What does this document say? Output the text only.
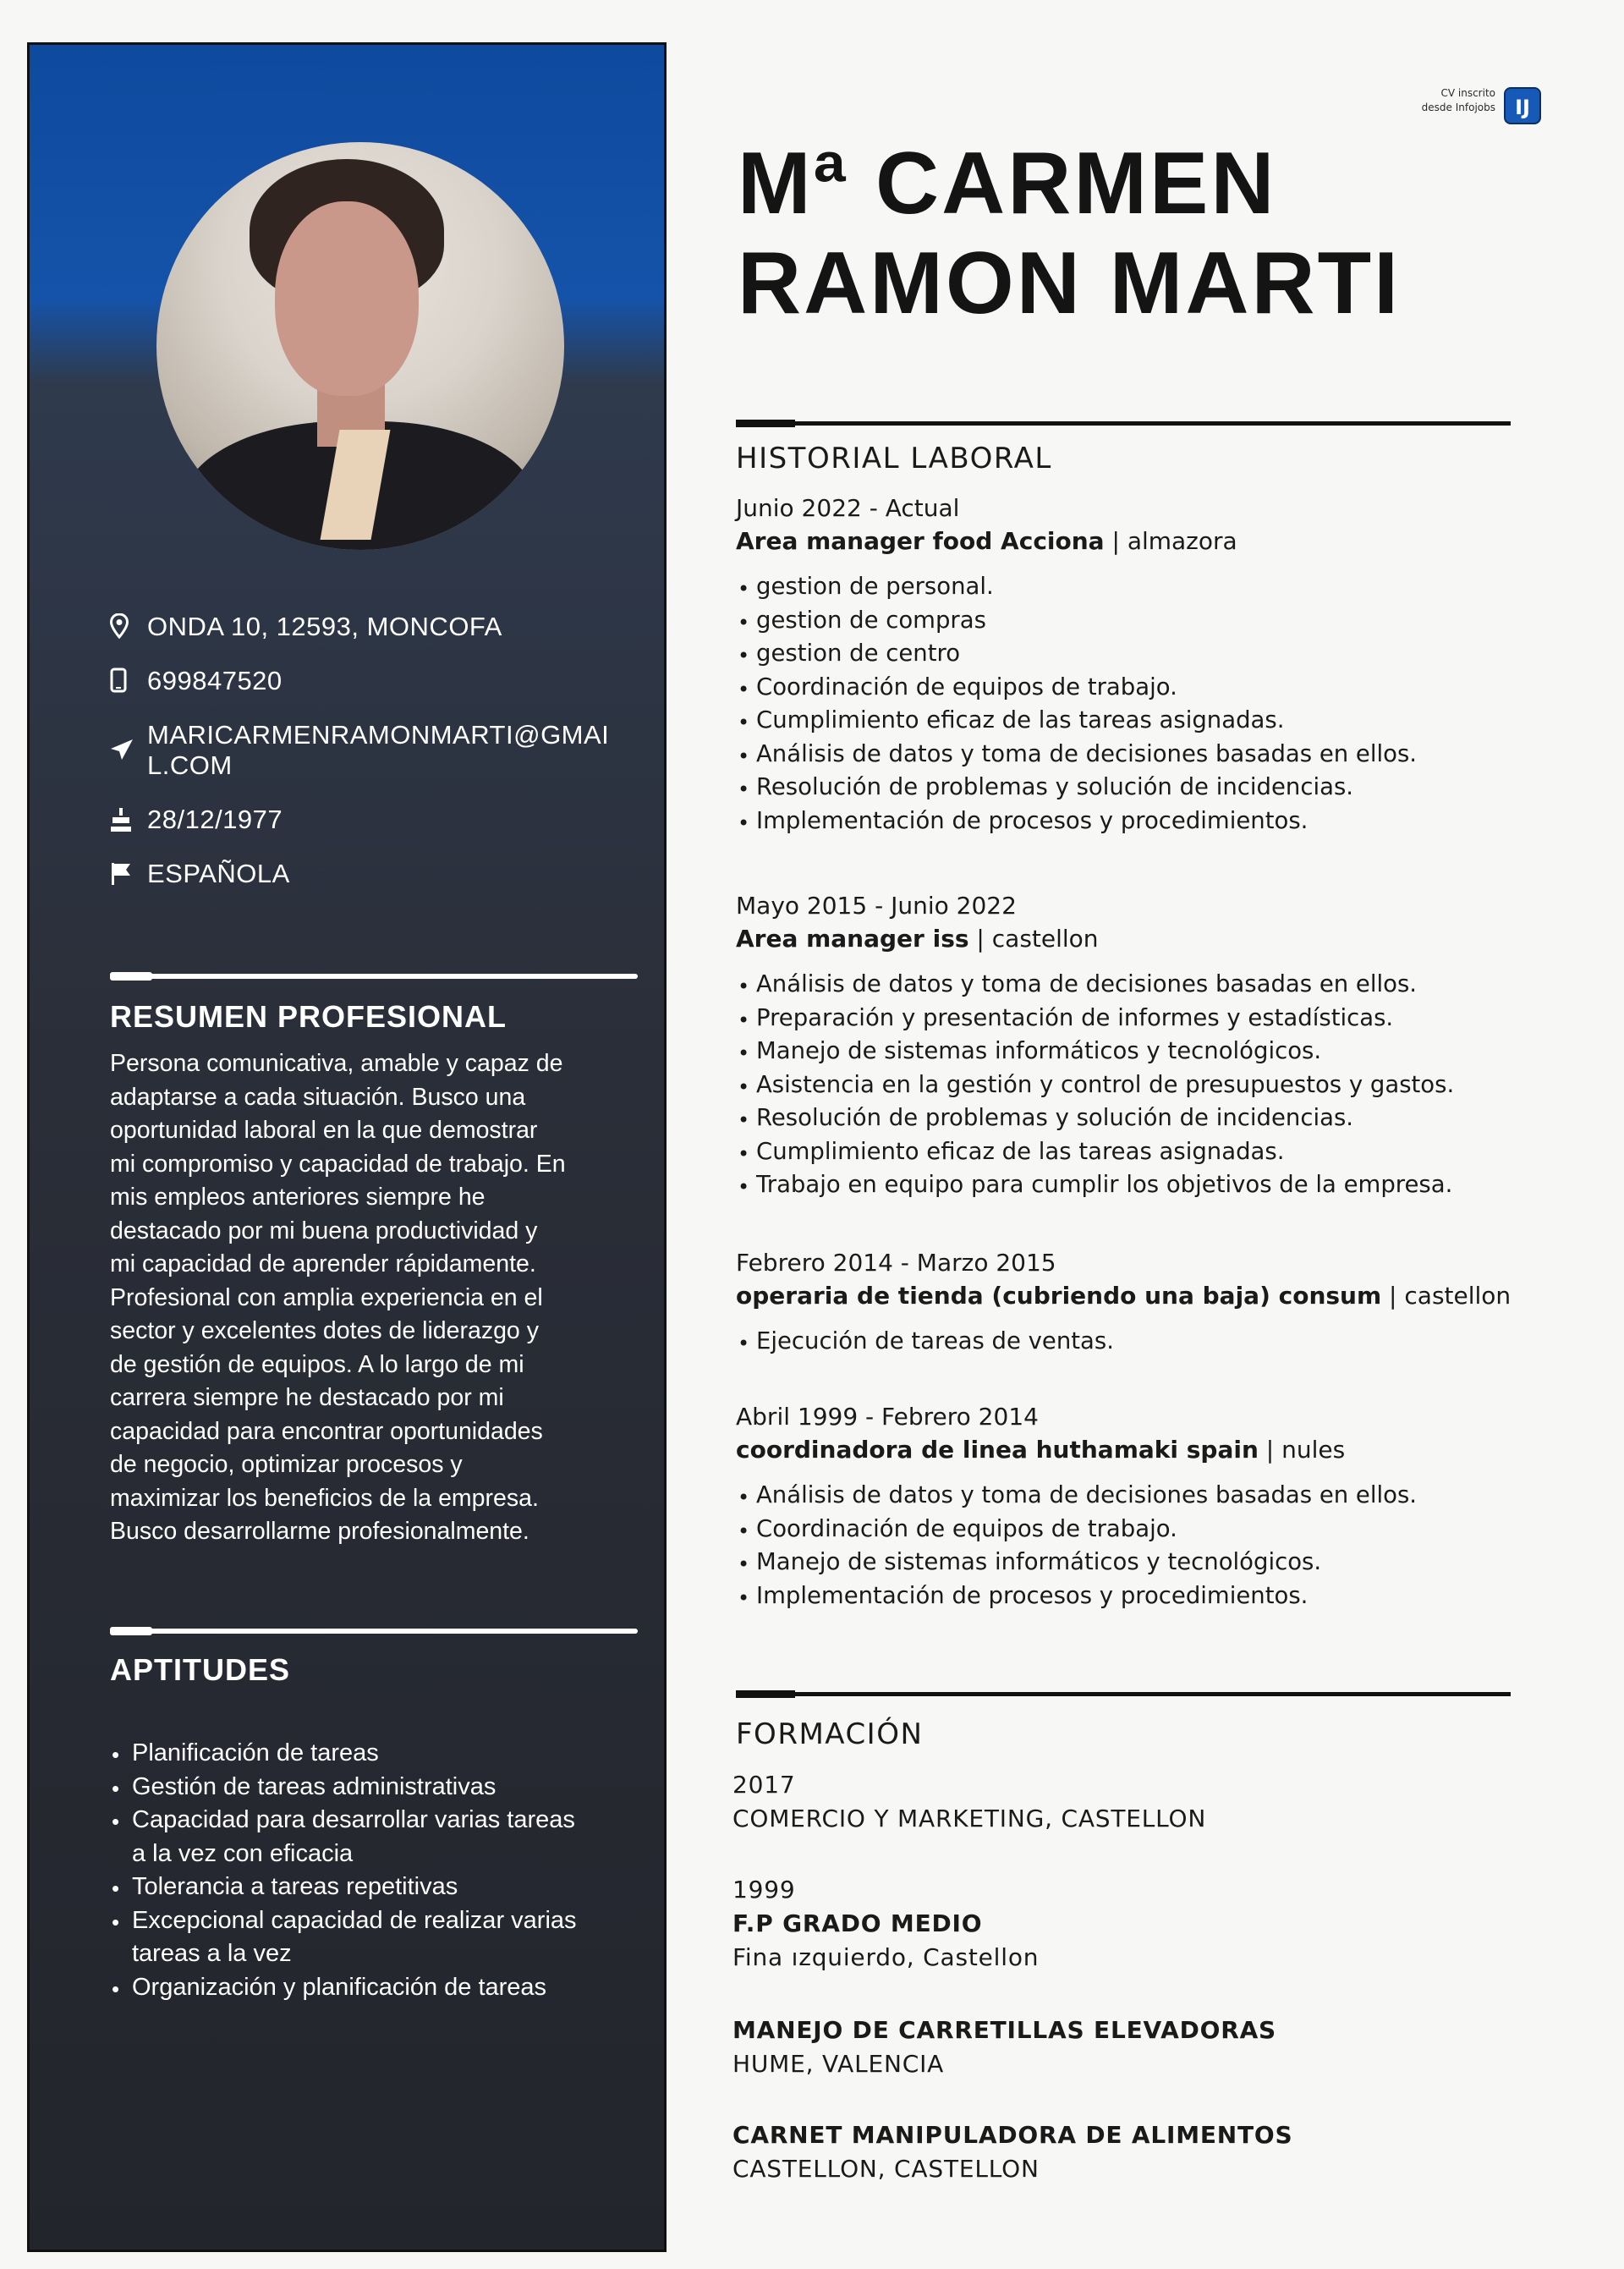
ONDA 10, 12593, MONCOFA
699847520
MARICARMENRAMONMARTI@GMAI
L.COM
28/12/1977
ESPAÑOLA
RESUMEN PROFESIONAL
Persona comunicativa, amable y capaz de
adaptarse a cada situación. Busco una
oportunidad laboral en la que demostrar
mi compromiso y capacidad de trabajo. En
mis empleos anteriores siempre he
destacado por mi buena productividad y
mi capacidad de aprender rápidamente.
Profesional con amplia experiencia en el
sector y excelentes dotes de liderazgo y
de gestión de equipos. A lo largo de mi
carrera siempre he destacado por mi
capacidad para encontrar oportunidades
de negocio, optimizar procesos y
maximizar los beneficios de la empresa.
Busco desarrollarme profesionalmente.
APTITUDES
• Planificación de tareas
• Gestión de tareas administrativas
• Capacidad para desarrollar varias tareas
a la vez con eficacia
• Tolerancia a tareas repetitivas
• Excepcional capacidad de realizar varias
tareas a la vez
• Organización y planificación de tareas
CV inscrito
desde Infojobs IJ
Mª CARMEN
RAMON MARTI
HISTORIAL LABORAL
Junio 2022 - Actual
Area manager food Acciona | almazora
• gestion de personal.
• gestion de compras
• gestion de centro
• Coordinación de equipos de trabajo.
• Cumplimiento eficaz de las tareas asignadas.
• Análisis de datos y toma de decisiones basadas en ellos.
• Resolución de problemas y solución de incidencias.
• Implementación de procesos y procedimientos.
Mayo 2015 - Junio 2022
Area manager iss | castellon
• Análisis de datos y toma de decisiones basadas en ellos.
• Preparación y presentación de informes y estadísticas.
• Manejo de sistemas informáticos y tecnológicos.
• Asistencia en la gestión y control de presupuestos y gastos.
• Resolución de problemas y solución de incidencias.
• Cumplimiento eficaz de las tareas asignadas.
• Trabajo en equipo para cumplir los objetivos de la empresa.
Febrero 2014 - Marzo 2015
operaria de tienda (cubriendo una baja) consum | castellon
• Ejecución de tareas de ventas.
Abril 1999 - Febrero 2014
coordinadora de linea huthamaki spain | nules
• Análisis de datos y toma de decisiones basadas en ellos.
• Coordinación de equipos de trabajo.
• Manejo de sistemas informáticos y tecnológicos.
• Implementación de procesos y procedimientos.
FORMACIÓN
2017
COMERCIO Y MARKETING, CASTELLON
1999
F.P GRADO MEDIO
Fina ızquierdo, Castellon
MANEJO DE CARRETILLAS ELEVADORAS
HUME, VALENCIA
CARNET MANIPULADORA DE ALIMENTOS
CASTELLON, CASTELLON
